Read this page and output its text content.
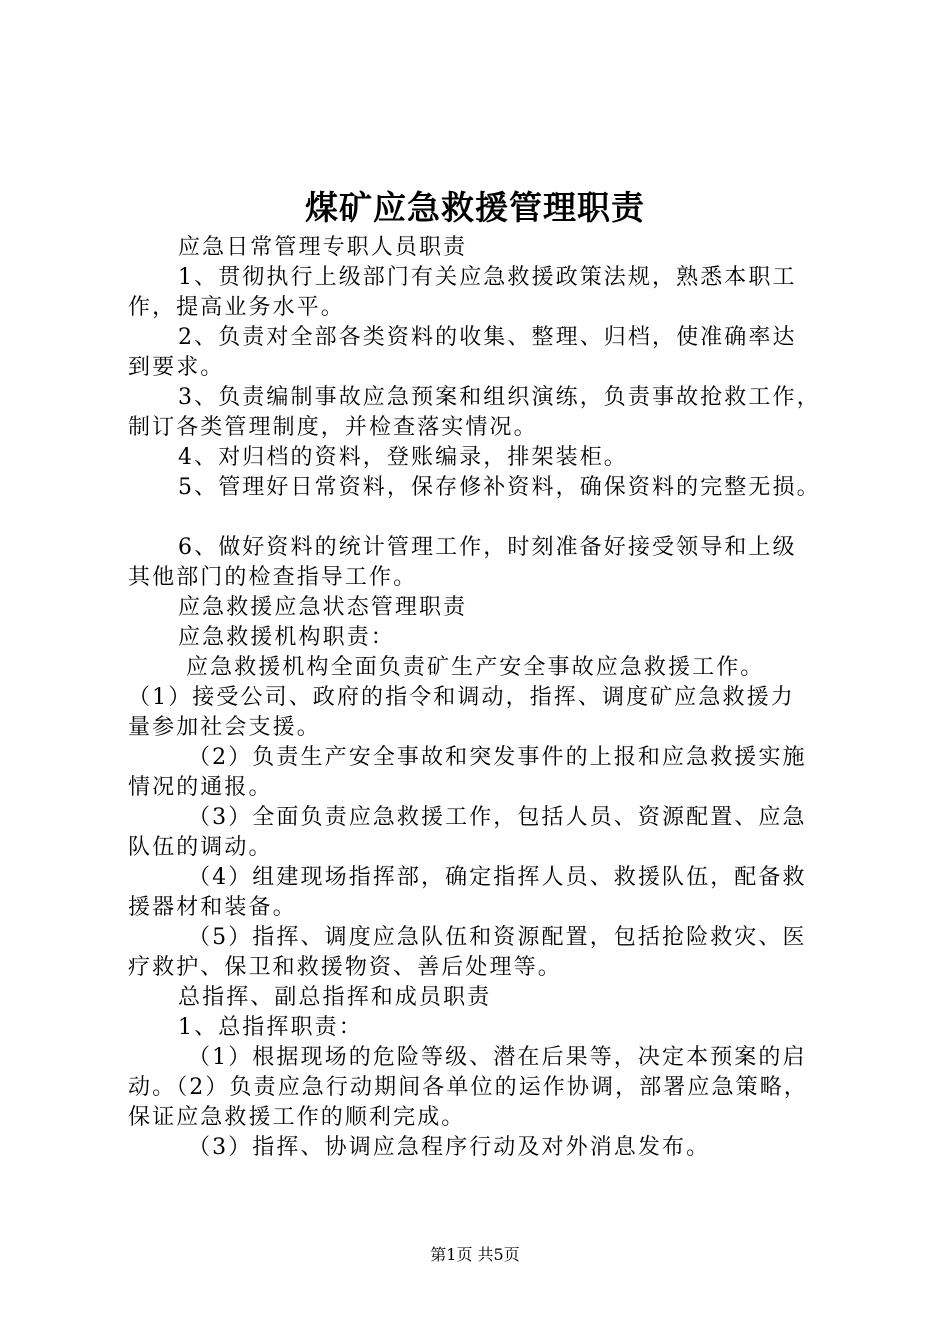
煤矿应急救援管理职责
应急日常管理专职人员职责
1、贯彻执行上级部门有关应急救援政策法规，熟悉本职工
作，提高业务水平。
2、负责对全部各类资料的收集、整理、归档，使准确率达
到要求。
3、负责编制事故应急预案和组织演练，负责事故抢救工作，
制订各类管理制度，并检查落实情况。
4、对归档的资料，登账编录，排架装柜。
5、管理好日常资料，保存修补资料，确保资料的完整无损。
6、做好资料的统计管理工作，时刻准备好接受领导和上级
其他部门的检查指导工作。
应急救援应急状态管理职责
应急救援机构职责：
应急救援机构全面负责矿生产安全事故应急救援工作。
（1）接受公司、政府的指令和调动，指挥、调度矿应急救援力
量参加社会支援。
（2）负责生产安全事故和突发事件的上报和应急救援实施
情况的通报。
（3）全面负责应急救援工作，包括人员、资源配置、应急
队伍的调动。
（4）组建现场指挥部，确定指挥人员、救援队伍，配备救
援器材和装备。
（5）指挥、调度应急队伍和资源配置，包括抢险救灾、医
疗救护、保卫和救援物资、善后处理等。
总指挥、副总指挥和成员职责
1、总指挥职责：
（1）根据现场的危险等级、潜在后果等，决定本预案的启
动。（2）负责应急行动期间各单位的运作协调，部署应急策略，
保证应急救援工作的顺利完成。
（3）指挥、协调应急程序行动及对外消息发布。
第1页 共5页
